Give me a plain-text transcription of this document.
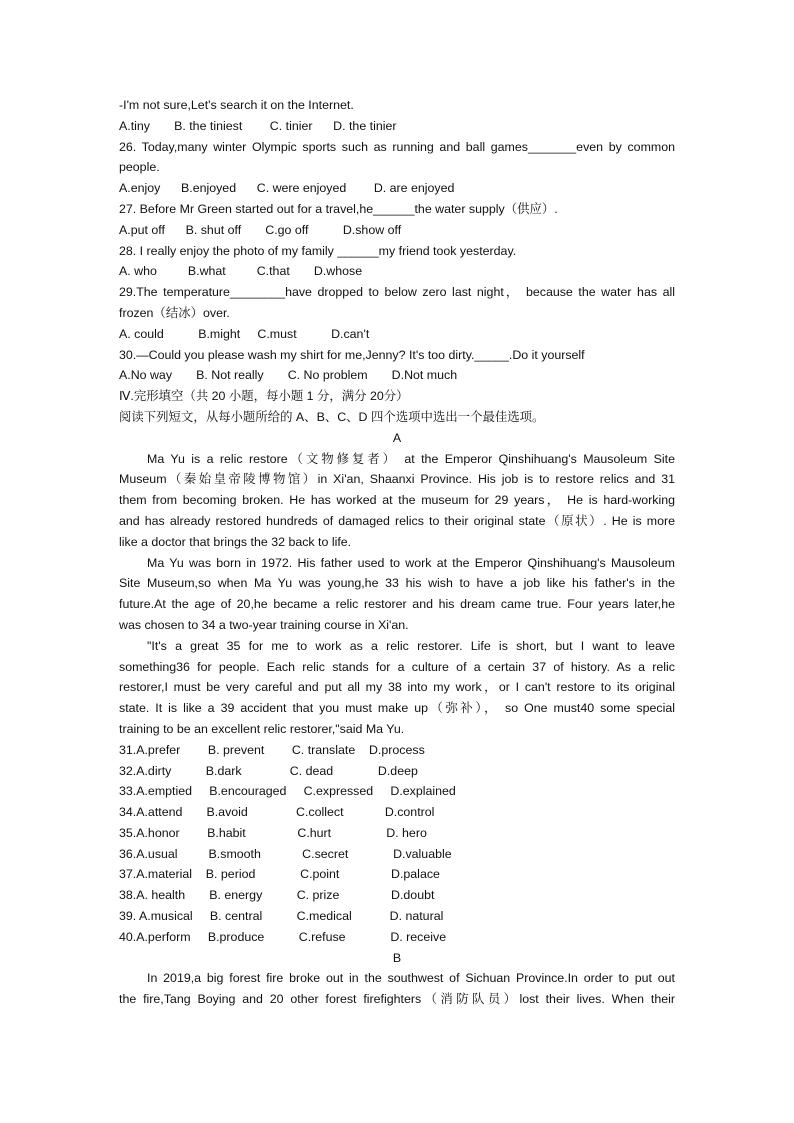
-I'm not sure,Let's search it on the Internet.
A.tiny       B. the tiniest        C. tinier      D. the tinier
26. Today,many winter Olympic sports such as running and ball games_______even by common
people.
A.enjoy      B.enjoyed      C. were enjoyed        D. are enjoyed
27. Before Mr Green started out for a travel,he______the water supply（供应）.
A.put off      B. shut off       C.go off          D.show off
28. I really enjoy the photo of my family ______my friend took yesterday.
A. who         B.what         C.that       D.whose
29.The temperature________have dropped to below zero last night， because the water has all
frozen（结冰）over.
A. could          B.might     C.must          D.can't
30.—Could you please wash my shirt for me,Jenny? It's too dirty._____.Do it yourself
A.No way       B. Not really       C. No problem       D.Not much
Ⅳ.完形填空（共 20 小题，每小题 1 分，满分 20分）
阅读下列短文，从每小题所给的 A、B、C、D 四个选项中选出一个最佳选项。
A
Ma Yu is a relic restore（文物修复者） at the Emperor Qinshihuang's Mausoleum Site
Museum（秦始皇帝陵博物馆）in Xi'an, Shaanxi Province. His job is to restore relics and 31
them from becoming broken. He has worked at the museum for 29 years， He is hard-working
and has already restored hundreds of damaged relics to their original state（原状）. He is more
like a doctor that brings the 32 back to life.
Ma Yu was born in 1972. His father used to work at the Emperor Qinshihuang's Mausoleum
Site Museum,so when Ma Yu was young,he 33 his wish to have a job like his father's in the
future.At the age of 20,he became a relic restorer and his dream came true. Four years later,he
was chosen to 34 a two-year training course in Xi'an.
"It's a great 35 for me to work as a relic restorer. Life is short, but I want to leave
something36 for people. Each relic stands for a culture of a certain 37 of history. As a relic
restorer,I must be very careful and put all my 38 into my work，or I can't restore to its original
state. It is like a 39 accident that you must make up（弥补）， so One must40 some special
training to be an excellent relic restorer,"said Ma Yu.
31.A.prefer        B. prevent        C. translate    D.process
32.A.dirty          B.dark              C. dead             D.deep
33.A.emptied     B.encouraged     C.expressed     D.explained
34.A.attend       B.avoid              C.collect            D.control
35.A.honor        B.habit               C.hurt                D. hero
36.A.usual         B.smooth            C.secret             D.valuable
37.A.material    B. period             C.point               D.palace
38.A. health       B. energy          C. prize               D.doubt
39. A.musical     B. central          C.medical           D. natural
40.A.perform     B.produce          C.refuse             D. receive
B
In 2019,a big forest fire broke out in the southwest of Sichuan Province.In order to put out
the fire,Tang Boying and 20 other forest firefighters（消防队员）lost their lives. When their
